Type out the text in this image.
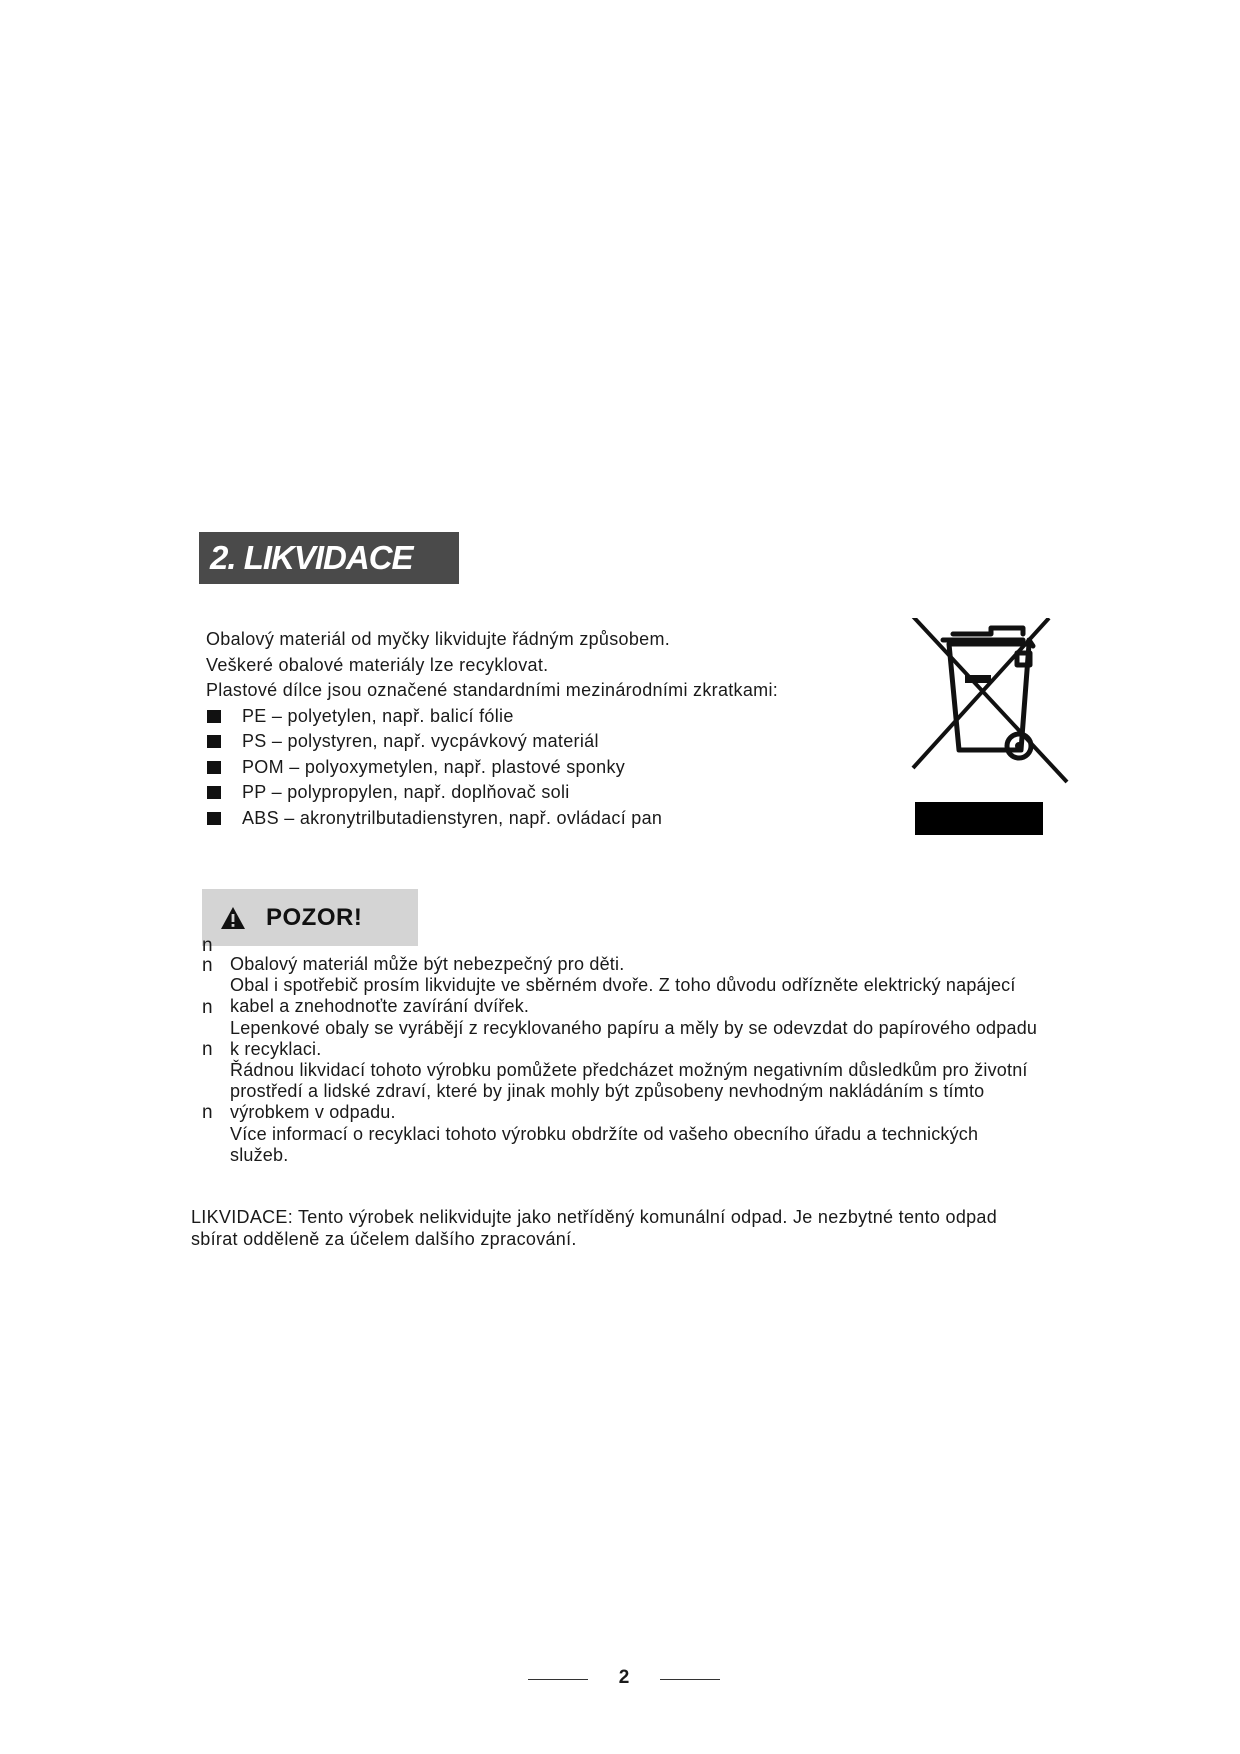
2. LIKVIDACE
Obalový materiál od myčky likvidujte řádným způsobem.
Veškeré obalové materiály lze recyklovat.
Plastové dílce jsou označené standardními mezinárodními zkratkami:
PE – polyetylen, např. balicí fólie
PS – polystyren, např. vycpávkový materiál
POM – polyoxymetylen, např. plastové sponky
PP – polypropylen, např. doplňovač soli
ABS – akronytrilbutadienstyren, např. ovládací pan
POZOR!
n
n
n
n
n
Obalový materiál může být nebezpečný pro děti.
Obal i spotřebič prosím likvidujte ve sběrném dvoře. Z toho důvodu odřízněte elektrický napájecí
kabel a znehodnoťte zavírání dvířek.
Lepenkové obaly se vyrábějí z recyklovaného papíru a měly by se odevzdat do papírového odpadu
k recyklaci.
Řádnou likvidací tohoto výrobku pomůžete předcházet možným negativním důsledkům pro životní
prostředí a lidské zdraví, které by jinak mohly být způsobeny nevhodným nakládáním s tímto
výrobkem v odpadu.
Více informací o recyklaci tohoto výrobku obdržíte od vašeho obecního úřadu a technických
služeb.
LIKVIDACE: Tento výrobek nelikvidujte jako netříděný komunální odpad. Je nezbytné tento odpad
sbírat odděleně za účelem dalšího zpracování.
2
